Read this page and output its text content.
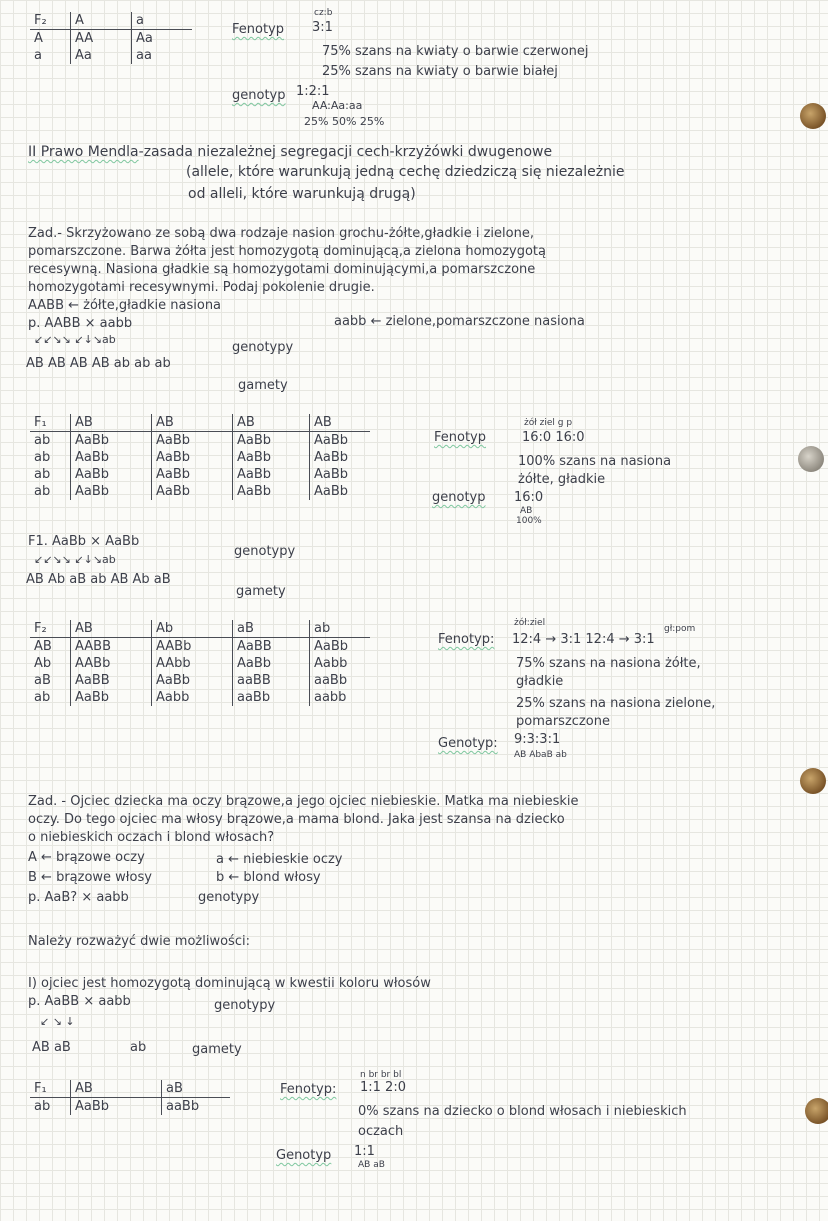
F₂	A	a
A	AA	Aa
a	Aa	aa
cz:b
Fenotyp 3:1
75% szans na kwiaty o barwie czerwonej
25% szans na kwiaty o barwie białej
genotyp 1:2:1
AA:Aa:aa
25% 50% 25%
II Prawo Mendla-zasada niezależnej segregacji cech-krzyżówki dwugenowe
(allele, które warunkują jedną cechę dziedziczą się niezależnie
od alleli, które warunkują drugą)
Zad.- Skrzyżowano ze sobą dwa rodzaje nasion grochu-żółte,gładkie i zielone,
pomarszczone. Barwa żółta jest homozygotą dominującą,a zielona homozygotą
recesywną. Nasiona gładkie są homozygotami dominującymi,a pomarszczone
homozygotami recesywnymi. Podaj pokolenie drugie.
AABB ← żółte,gładkie nasiona
aabb ← zielone,pomarszczone nasiona
p. AABB × aabb
genotypy
↙↙↘↘ ↙↓↘ab
AB AB AB AB ab ab ab
gamety
F₁	AB	AB	AB	AB
ab	AaBb	AaBb	AaBb	AaBb
ab	AaBb	AaBb	AaBb	AaBb
ab	AaBb	AaBb	AaBb	AaBb
ab	AaBb	AaBb	AaBb	AaBb
żół ziel g p
Fenotyp	16:0 16:0
100% szans na nasiona
żółte, gładkie
genotyp 16:0
AB
100%
F1. AaBb × AaBb
genotypy
↙↙↘↘ ↙↓↘ab
AB Ab aB ab AB Ab aB
gamety
F₂	AB	Ab	aB	ab
AB	AABB	AABb	AaBB	AaBb
Ab	AABb	AAbb	AaBb	Aabb
aB	AaBB	AaBb	aaBB	aaBb
ab	AaBb	Aabb	aaBb	aabb
żół:ziel
gł:pom
Fenotyp: 12:4 → 3:1 12:4 → 3:1
75% szans na nasiona żółte,
gładkie
25% szans na nasiona zielone,
pomarszczone
Genotyp: 9:3:3:1
AB AbaB ab
Zad. - Ojciec dziecka ma oczy brązowe,a jego ojciec niebieskie. Matka ma niebieskie
oczy. Do tego ojciec ma włosy brązowe,a mama blond. Jaka jest szansa na dziecko
o niebieskich oczach i blond włosach?
A ← brązowe oczy	a ← niebieskie oczy
B ← brązowe włosy	b ← blond włosy
p. AaB? × aabb	genotypy
Należy rozważyć dwie możliwości:
I) ojciec jest homozygotą dominującą w kwestii koloru włosów
p. AaBB × aabb	genotypy
↙ ↘ ↓
AB aB	ab	gamety
F₁	AB	aB
ab	AaBb	aaBb
n br br bl
Fenotyp: 1:1 2:0
0% szans na dziecko o blond włosach i niebieskich
oczach
Genotyp 1:1
AB aB
